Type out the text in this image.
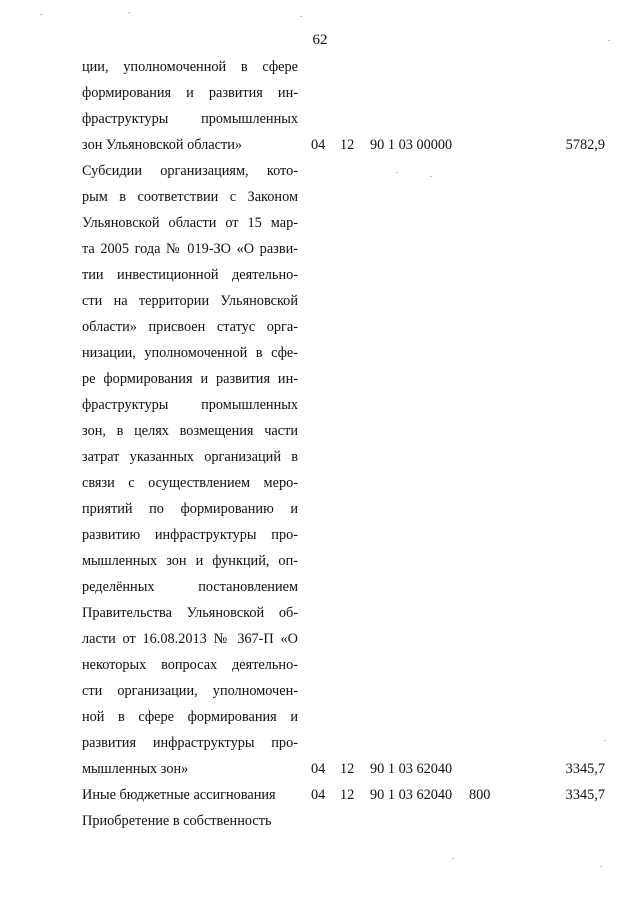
62
ции, уполномоченной в сфере
формирования и развития ин-
фраструктуры промышленных
зон Ульяновской области»	04 12 90 1 03 00000	5782,9
Субсидии организациям, кото-
рым в соответствии с Законом
Ульяновской области от 15 мар-
та 2005 года № 019-ЗО «О разви-
тии инвестиционной деятельно-
сти на территории Ульяновской
области» присвоен статус орга-
низации, уполномоченной в сфе-
ре формирования и развития ин-
фраструктуры промышленных
зон, в целях возмещения части
затрат указанных организаций в
связи с осуществлением меро-
приятий по формированию и
развитию инфраструктуры про-
мышленных зон и функций, оп-
ределённых постановлением
Правительства Ульяновской об-
ласти от 16.08.2013 № 367-П «О
некоторых вопросах деятельно-
сти организации, уполномочен-
ной в сфере формирования и
развития инфраструктуры про-
мышленных зон»	04 12 90 1 03 62040	3345,7
Иные бюджетные ассигнования	04 12 90 1 03 62040 800	3345,7
Приобретение в собственность
